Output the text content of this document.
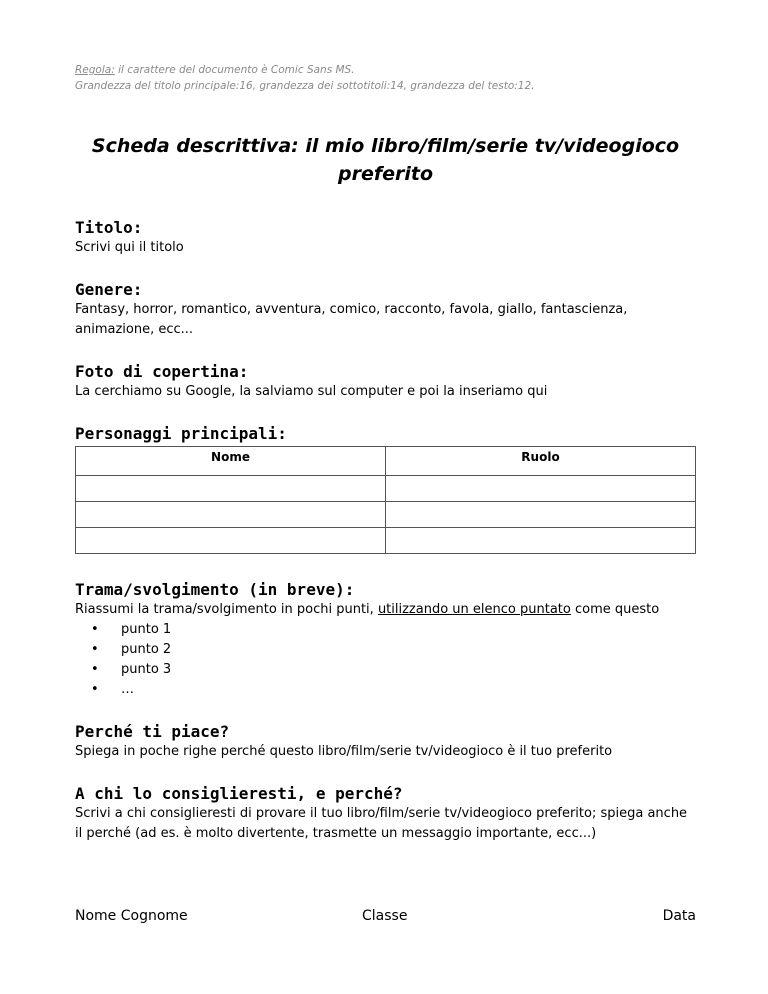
Regola: il carattere del documento è Comic Sans MS.
Grandezza del titolo principale:16, grandezza dei sottotitoli:14, grandezza del testo:12.
Scheda descrittiva: il mio libro/film/serie tv/videogioco preferito

Titolo:

Scrivi qui il titolo

Genere:

Fantasy, horror, romantico, avventura, comico, racconto, favola, giallo, fantascienza, animazione, ecc...

Foto di copertina:

La cerchiamo su Google, la salviamo sul computer e poi la inseriamo qui

Personaggi principali:

Nome	Ruolo

Trama/svolgimento (in breve):

Riassumi la trama/svolgimento in pochi punti, utilizzando un elenco puntato come questo

• punto 1
• punto 2
• punto 3
• …

Perché ti piace?

Spiega in poche righe perché questo libro/film/serie tv/videogioco è il tuo preferito

A chi lo consiglieresti, e perché?

Scrivi a chi consiglieresti di provare il tuo libro/film/serie tv/videogioco preferito; spiega anche il perché (ad es. è molto divertente, trasmette un messaggio importante, ecc...)

Nome Cognome	Classe	Data
